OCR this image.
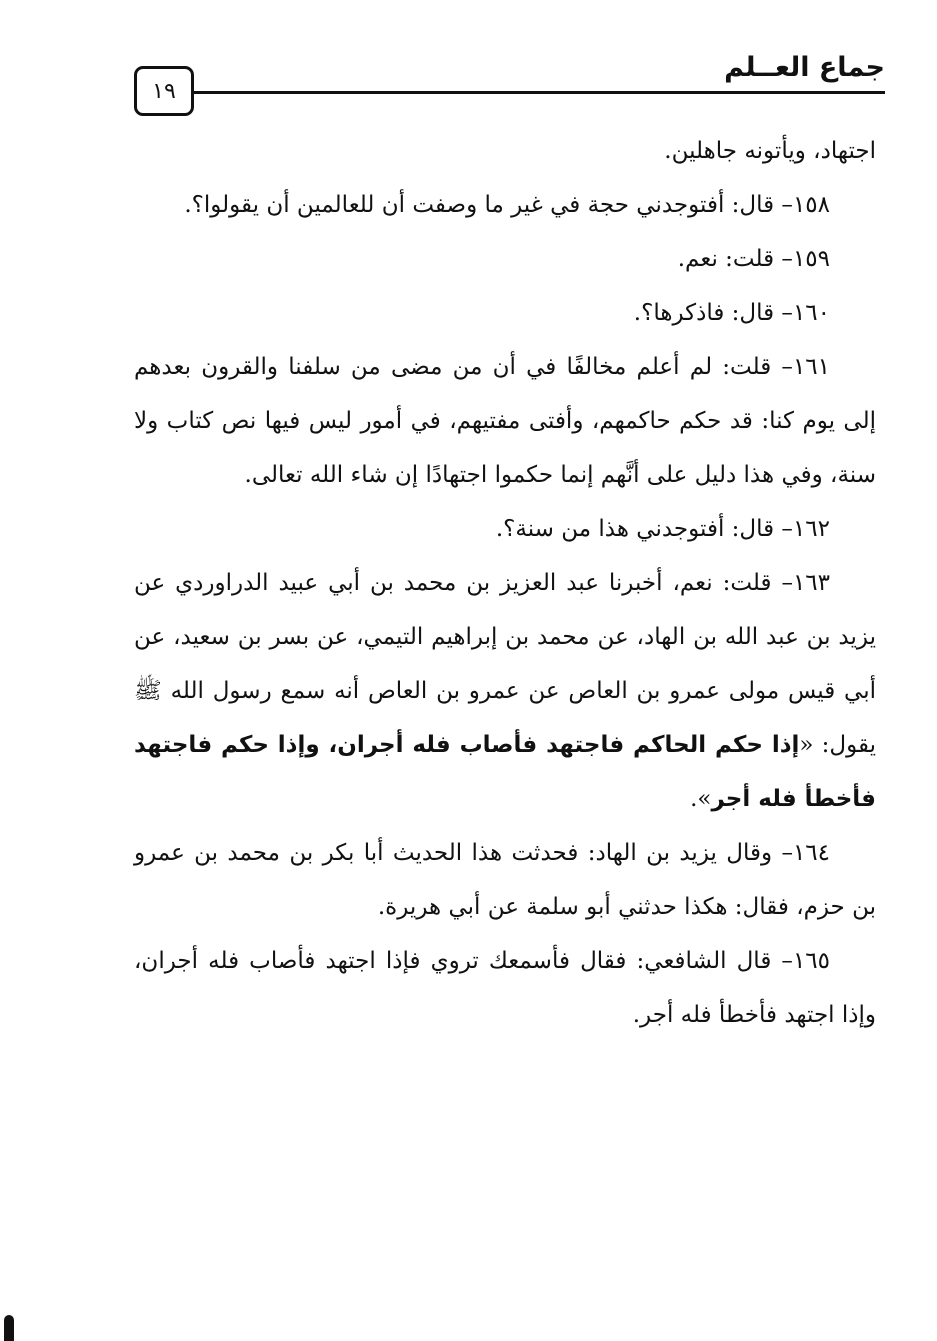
جماع العــلم
١٩

اجتهاد، ويأتونه جاهلين.

١٥٨– قال: أفتوجدني حجة في غير ما وصفت أن للعالمين أن يقولوا؟.

١٥٩– قلت: نعم.

١٦٠– قال: فاذكرها؟.

١٦١– قلت: لم أعلم مخالفًا في أن من مضى من سلفنا والقرون بعدهم إلى يوم كنا: قد حكم حاكمهم، وأفتى مفتيهم، في أمور ليس فيها نص كتاب ولا سنة، وفي هذا دليل على أنَّهم إنما حكموا اجتهادًا إن شاء الله تعالى.

١٦٢– قال: أفتوجدني هذا من سنة؟.

١٦٣– قلت: نعم، أخبرنا عبد العزيز بن محمد بن أبي عبيد الدراوردي عن يزيد بن عبد الله بن الهاد، عن محمد بن إبراهيم التيمي، عن بسر بن سعيد، عن أبي قيس مولى عمرو بن العاص عن عمرو بن العاص أنه سمع رسول الله ﷺ يقول: «إذا حكم الحاكم فاجتهد فأصاب فله أجران، وإذا حكم فاجتهد فأخطأ فله أجر».

١٦٤– وقال يزيد بن الهاد: فحدثت هذا الحديث أبا بكر بن محمد بن عمرو بن حزم، فقال: هكذا حدثني أبو سلمة عن أبي هريرة.

١٦٥– قال الشافعي: فقال فأسمعك تروي فإذا اجتهد فأصاب فله أجران، وإذا اجتهد فأخطأ فله أجر.
